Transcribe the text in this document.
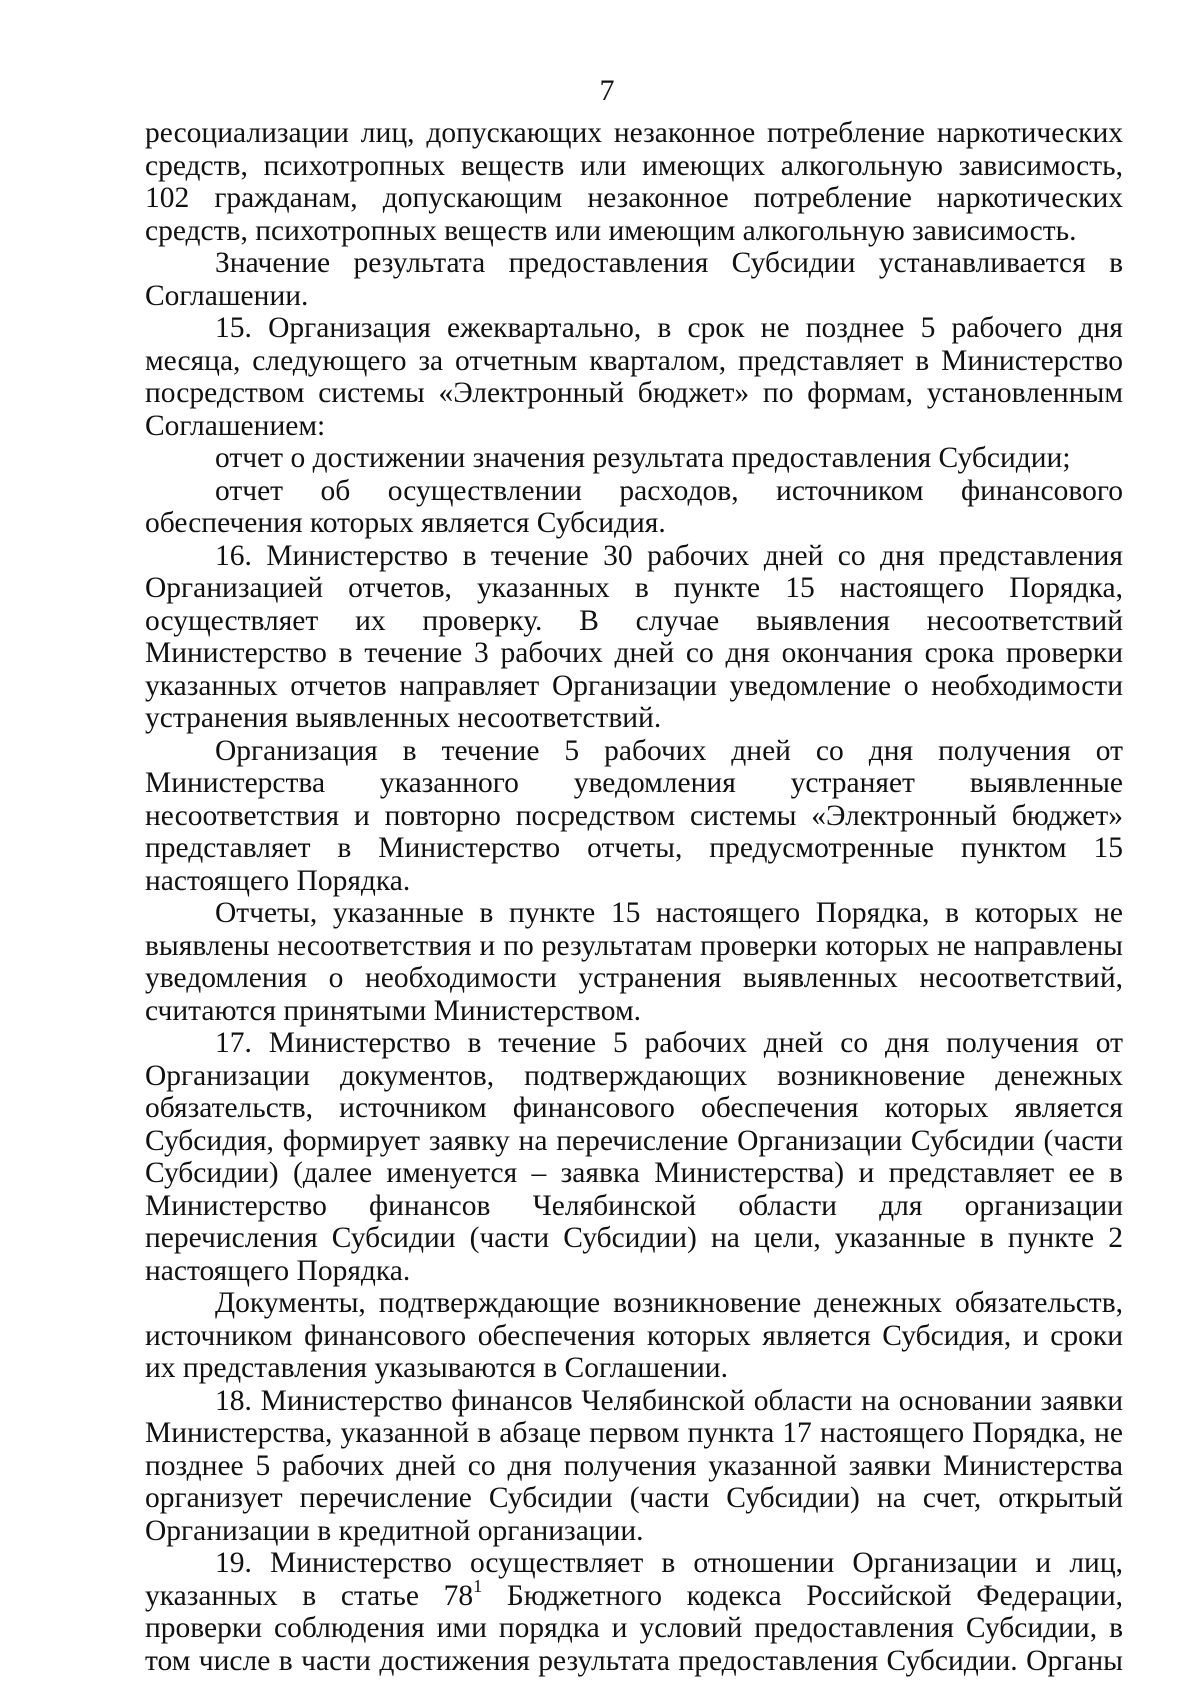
7

ресоциализации лиц, допускающих незаконное потребление наркотических средств, психотропных веществ или имеющих алкогольную зависимость, 102 гражданам, допускающим незаконное потребление наркотических средств, психотропных веществ или имеющим алкогольную зависимость.

Значение результата предоставления Субсидии устанавливается в Соглашении.

15. Организация ежеквартально, в срок не позднее 5 рабочего дня месяца, следующего за отчетным кварталом, представляет в Министерство посредством системы «Электронный бюджет» по формам, установленным Соглашением:

отчет о достижении значения результата предоставления Субсидии;

отчет об осуществлении расходов, источником финансового обеспечения которых является Субсидия.

16. Министерство в течение 30 рабочих дней со дня представления Организацией отчетов, указанных в пункте 15 настоящего Порядка, осуществляет их проверку. В случае выявления несоответствий Министерство в течение 3 рабочих дней со дня окончания срока проверки указанных отчетов направляет Организации уведомление о необходимости устранения выявленных несоответствий.

Организация в течение 5 рабочих дней со дня получения от Министерства указанного уведомления устраняет выявленные несоответствия и повторно посредством системы «Электронный бюджет» представляет в Министерство отчеты, предусмотренные пунктом 15 настоящего Порядка.

Отчеты, указанные в пункте 15 настоящего Порядка, в которых не выявлены несоответствия и по результатам проверки которых не направлены уведомления о необходимости устранения выявленных несоответствий, считаются принятыми Министерством.

17. Министерство в течение 5 рабочих дней со дня получения от Организации документов, подтверждающих возникновение денежных обязательств, источником финансового обеспечения которых является Субсидия, формирует заявку на перечисление Организации Субсидии (части Субсидии) (далее именуется – заявка Министерства) и представляет ее в Министерство финансов Челябинской области для организации перечисления Субсидии (части Субсидии) на цели, указанные в пункте 2 настоящего Порядка.

Документы, подтверждающие возникновение денежных обязательств, источником финансового обеспечения которых является Субсидия, и сроки их представления указываются в Соглашении.

18. Министерство финансов Челябинской области на основании заявки Министерства, указанной в абзаце первом пункта 17 настоящего Порядка, не позднее 5 рабочих дней со дня получения указанной заявки Министерства организует перечисление Субсидии (части Субсидии) на счет, открытый Организации в кредитной организации.

19. Министерство осуществляет в отношении Организации и лиц, указанных в статье $78^1$ Бюджетного кодекса Российской Федерации, проверки соблюдения ими порядка и условий предоставления Субсидии, в том числе в части достижения результата предоставления Субсидии. Органы
